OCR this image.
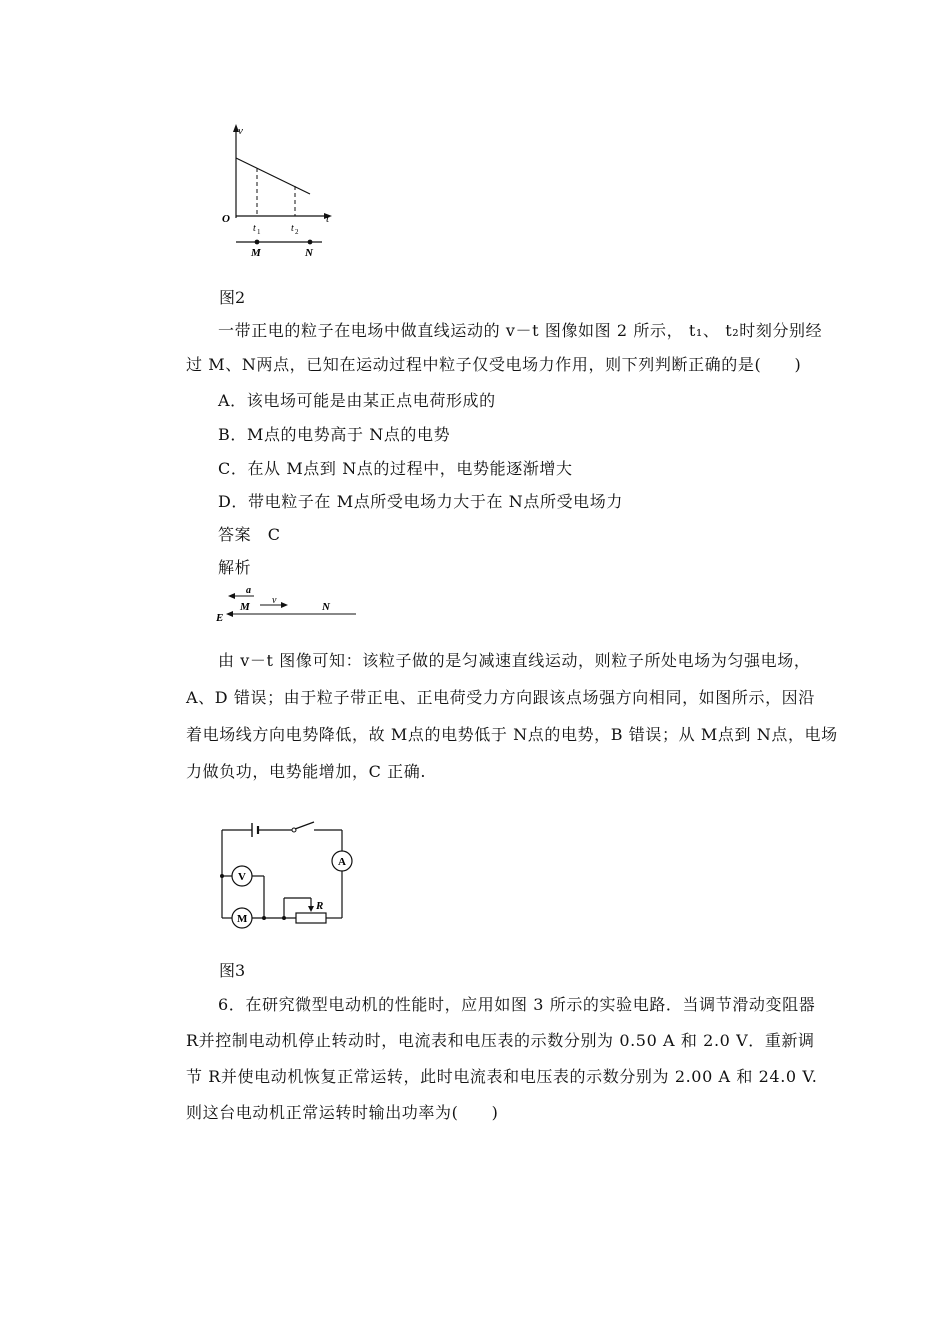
v
t
O
t 1	t 2
M	N
图2
一带正电的粒子在电场中做直线运动的 v－t 图像如图 2 所示， t₁、 t₂时刻分别经
过 M、N两点，已知在运动过程中粒子仅受电场力作用，则下列判断正确的是(　　)
A．该电场可能是由某正点电荷形成的
B．M点的电势高于 N点的电势
C．在从 M点到 N点的过程中，电势能逐渐增大
D．带电粒子在 M点所受电场力大于在 N点所受电场力
答案　C
解析
a
v
M	N
E
由 v－t 图像可知：该粒子做的是匀减速直线运动，则粒子所处电场为匀强电场，
A、D 错误；由于粒子带正电、正电荷受力方向跟该点场强方向相同，如图所示，因沿
着电场线方向电势降低，故 M点的电势低于 N点的电势，B 错误；从 M点到 N点，电场
力做负功，电势能增加，C 正确.
A
V
M
R
图3
6．在研究微型电动机的性能时，应用如图 3 所示的实验电路．当调节滑动变阻器
R并控制电动机停止转动时，电流表和电压表的示数分别为 0.50 A 和 2.0 V．重新调
节 R并使电动机恢复正常运转，此时电流表和电压表的示数分别为 2.00 A 和 24.0 V.
则这台电动机正常运转时输出功率为(　　)
